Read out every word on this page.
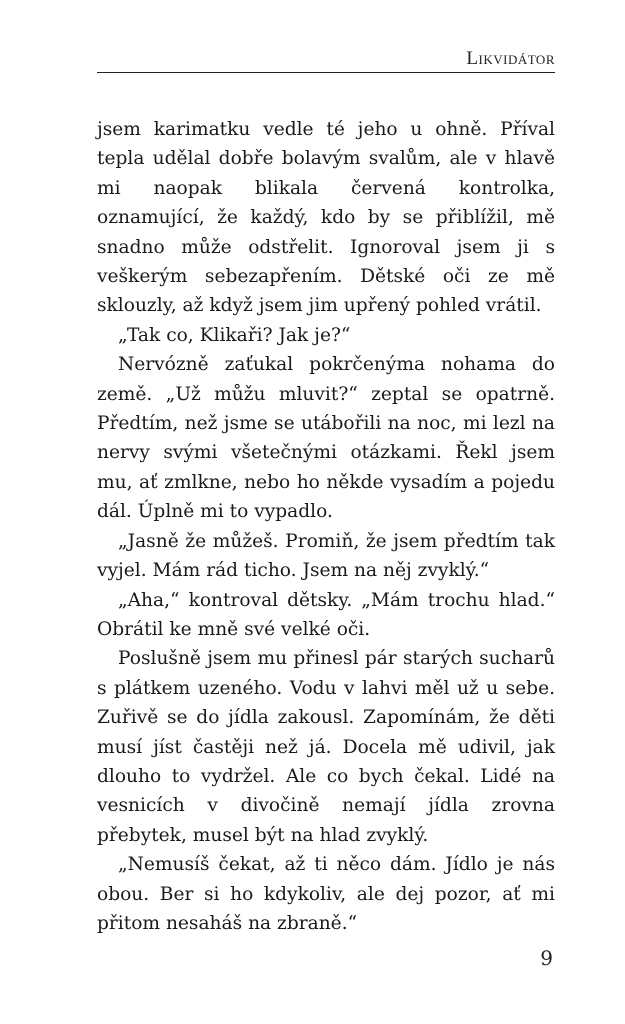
Likvidátor

jsem karimatku vedle té jeho u ohně. Příval tepla udělal dobře bolavým svalům, ale v hlavě mi naopak blikala červená kontrolka, oznamující, že každý, kdo by se přiblížil, mě snadno může odstřelit. Ignoroval jsem ji s veškerým sebezapřením. Dětské oči ze mě sklouzly, až když jsem jim upřený pohled vrátil.

„Tak co, Klikaři? Jak je?“

Nervózně zaťukal pokrčenýma nohama do země. „Už můžu mluvit?“ zeptal se opatrně. Předtím, než jsme se utábořili na noc, mi lezl na nervy svými všetečnými otázkami. Řekl jsem mu, ať zmlkne, nebo ho někde vysadím a pojedu dál. Úplně mi to vypadlo.

„Jasně že můžeš. Promiň, že jsem předtím tak vyjel. Mám rád ticho. Jsem na něj zvyklý.“

„Aha,“ kontroval dětsky. „Mám trochu hlad.“ Obrátil ke mně své velké oči.

Poslušně jsem mu přinesl pár starých sucharů s plátkem uzeného. Vodu v lahvi měl už u sebe. Zuřivě se do jídla zakousl. Zapomínám, že děti musí jíst častěji než já. Docela mě udivil, jak dlouho to vydržel. Ale co bych čekal. Lidé na vesnicích v divočině nemají jídla zrovna přebytek, musel být na hlad zvyklý.

„Nemusíš čekat, až ti něco dám. Jídlo je nás obou. Ber si ho kdykoliv, ale dej pozor, ať mi přitom nesaháš na zbraně.“

9
